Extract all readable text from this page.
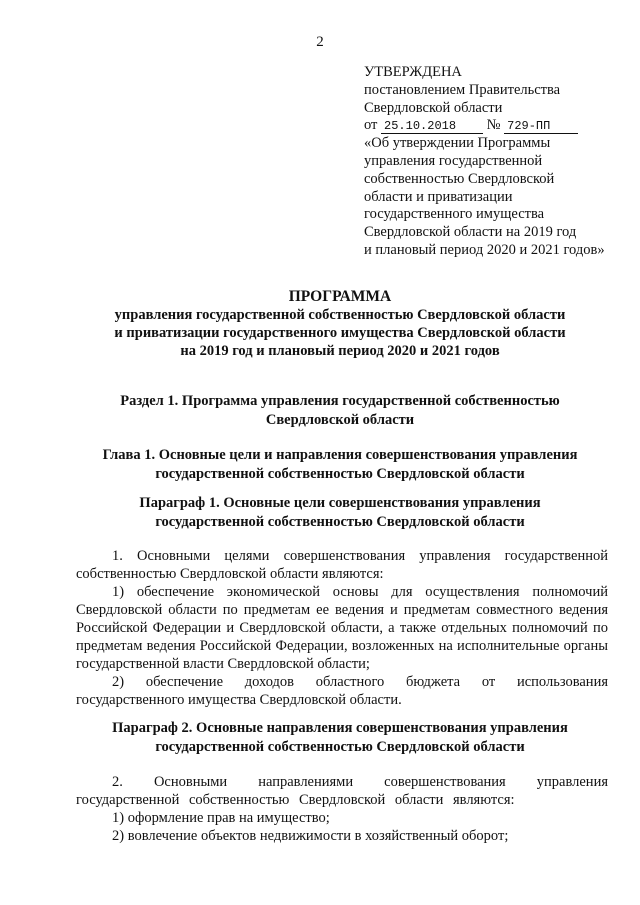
2
УТВЕРЖДЕНА
постановлением Правительства
Свердловской области
от 25.10.2018 № 729-ПП
«Об утверждении Программы
управления государственной
собственностью Свердловской
области и приватизации
государственного имущества
Свердловской области на 2019 год
и плановый период 2020 и 2021 годов»
ПРОГРАММА
управления государственной собственностью Свердловской области
и приватизации государственного имущества Свердловской области
на 2019 год и плановый период 2020 и 2021 годов
Раздел 1. Программа управления государственной собственностью
Свердловской области
Глава 1. Основные цели и направления совершенствования управления
государственной собственностью Свердловской области
Параграф 1. Основные цели совершенствования управления
государственной собственностью Свердловской области
1. Основными целями совершенствования управления государственной собственностью Свердловской области являются:
1) обеспечение экономической основы для осуществления полномочий Свердловской области по предметам ее ведения и предметам совместного ведения Российской Федерации и Свердловской области, а также отдельных полномочий по предметам ведения Российской Федерации, возложенных на исполнительные органы государственной власти Свердловской области;
2) обеспечение доходов областного бюджета от использования государственного имущества Свердловской области.
Параграф 2. Основные направления совершенствования управления
государственной собственностью Свердловской области
2. Основными направлениями совершенствования управления государственной собственностью Свердловской области являются:
1) оформление прав на имущество;
2) вовлечение объектов недвижимости в хозяйственный оборот;
